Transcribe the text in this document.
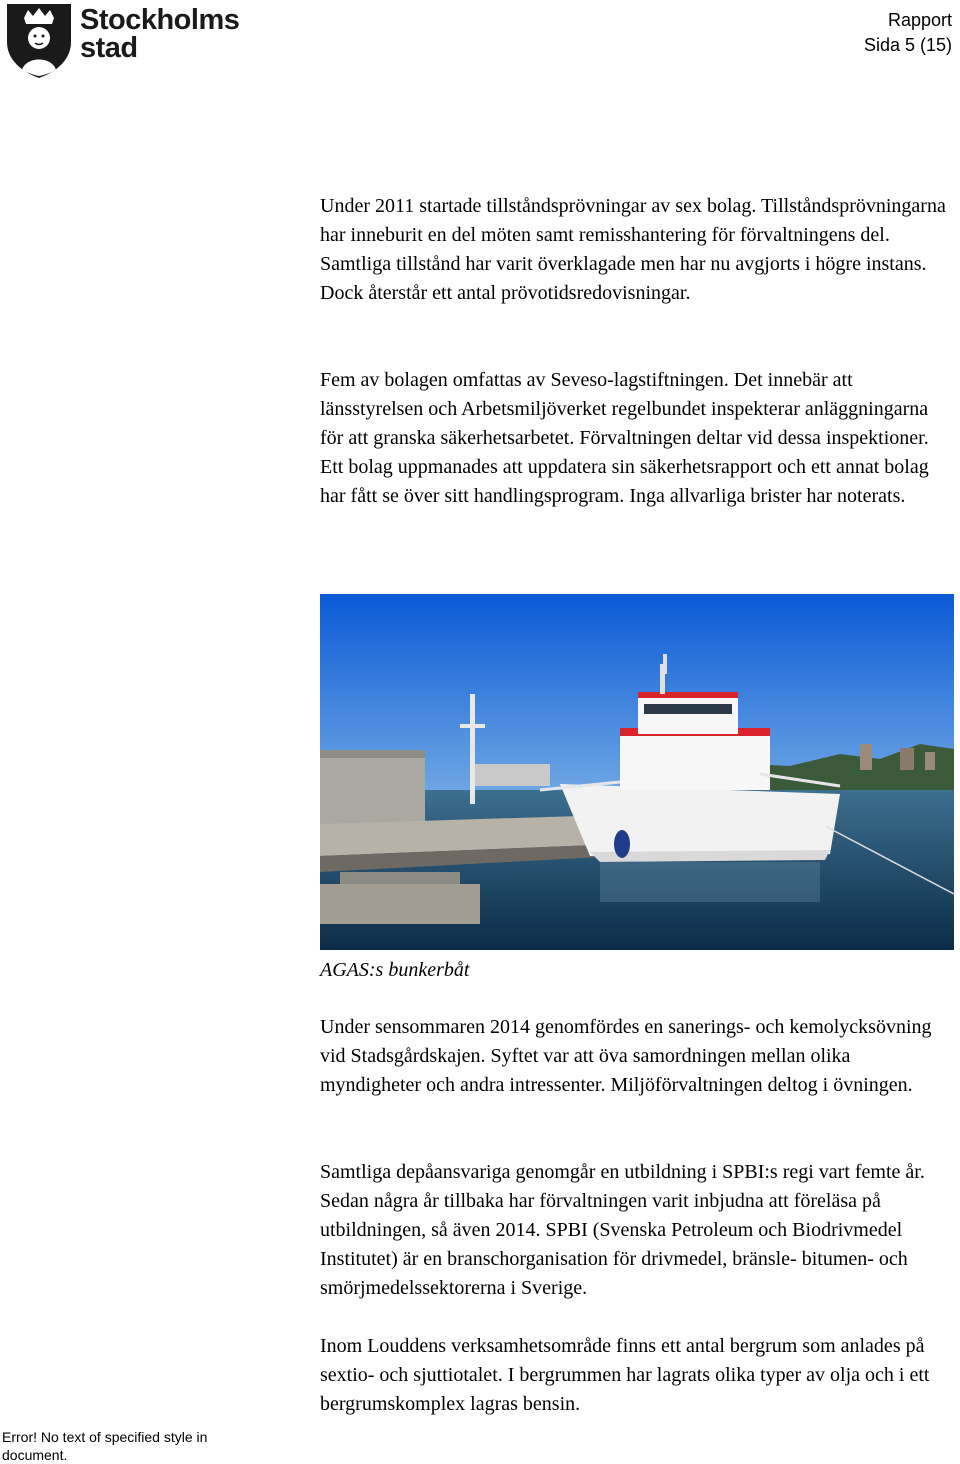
Stockholms
stad
Rapport
Sida 5 (15)

Under 2011 startade tillståndsprövningar av sex bolag. Tillståndsprövningarna har inneburit en del möten samt remisshantering för förvaltningens del. Samtliga tillstånd har varit överklagade men har nu avgjorts i högre instans. Dock återstår ett antal prövotidsredovisningar.

Fem av bolagen omfattas av Seveso-lagstiftningen. Det innebär att länsstyrelsen och Arbetsmiljöverket regelbundet inspekterar anläggningarna för att granska säkerhetsarbetet. Förvaltningen deltar vid dessa inspektioner. Ett bolag uppmanades att uppdatera sin säkerhetsrapport och ett annat bolag har fått se över sitt handlingsprogram. Inga allvarliga brister har noterats.

AGAS:s bunkerbåt

Under sensommaren 2014 genomfördes en sanerings- och kemolycksövning vid Stadsgårdskajen. Syftet var att öva samordningen mellan olika myndigheter och andra intressenter. Miljöförvaltningen deltog i övningen.

Samtliga depåansvariga genomgår en utbildning i SPBI:s regi vart femte år. Sedan några år tillbaka har förvaltningen varit inbjudna att föreläsa på utbildningen, så även 2014. SPBI (Svenska Petroleum och Biodrivmedel Institutet) är en branschorganisation för drivmedel, bränsle- bitumen- och smörjmedelssektorerna i Sverige.

Inom Louddens verksamhetsområde finns ett antal bergrum som anlades på sextio- och sjuttiotalet. I bergrummen har lagrats olika typer av olja och i ett bergrumskomplex lagras bensin.

Error! No text of specified style in document.
